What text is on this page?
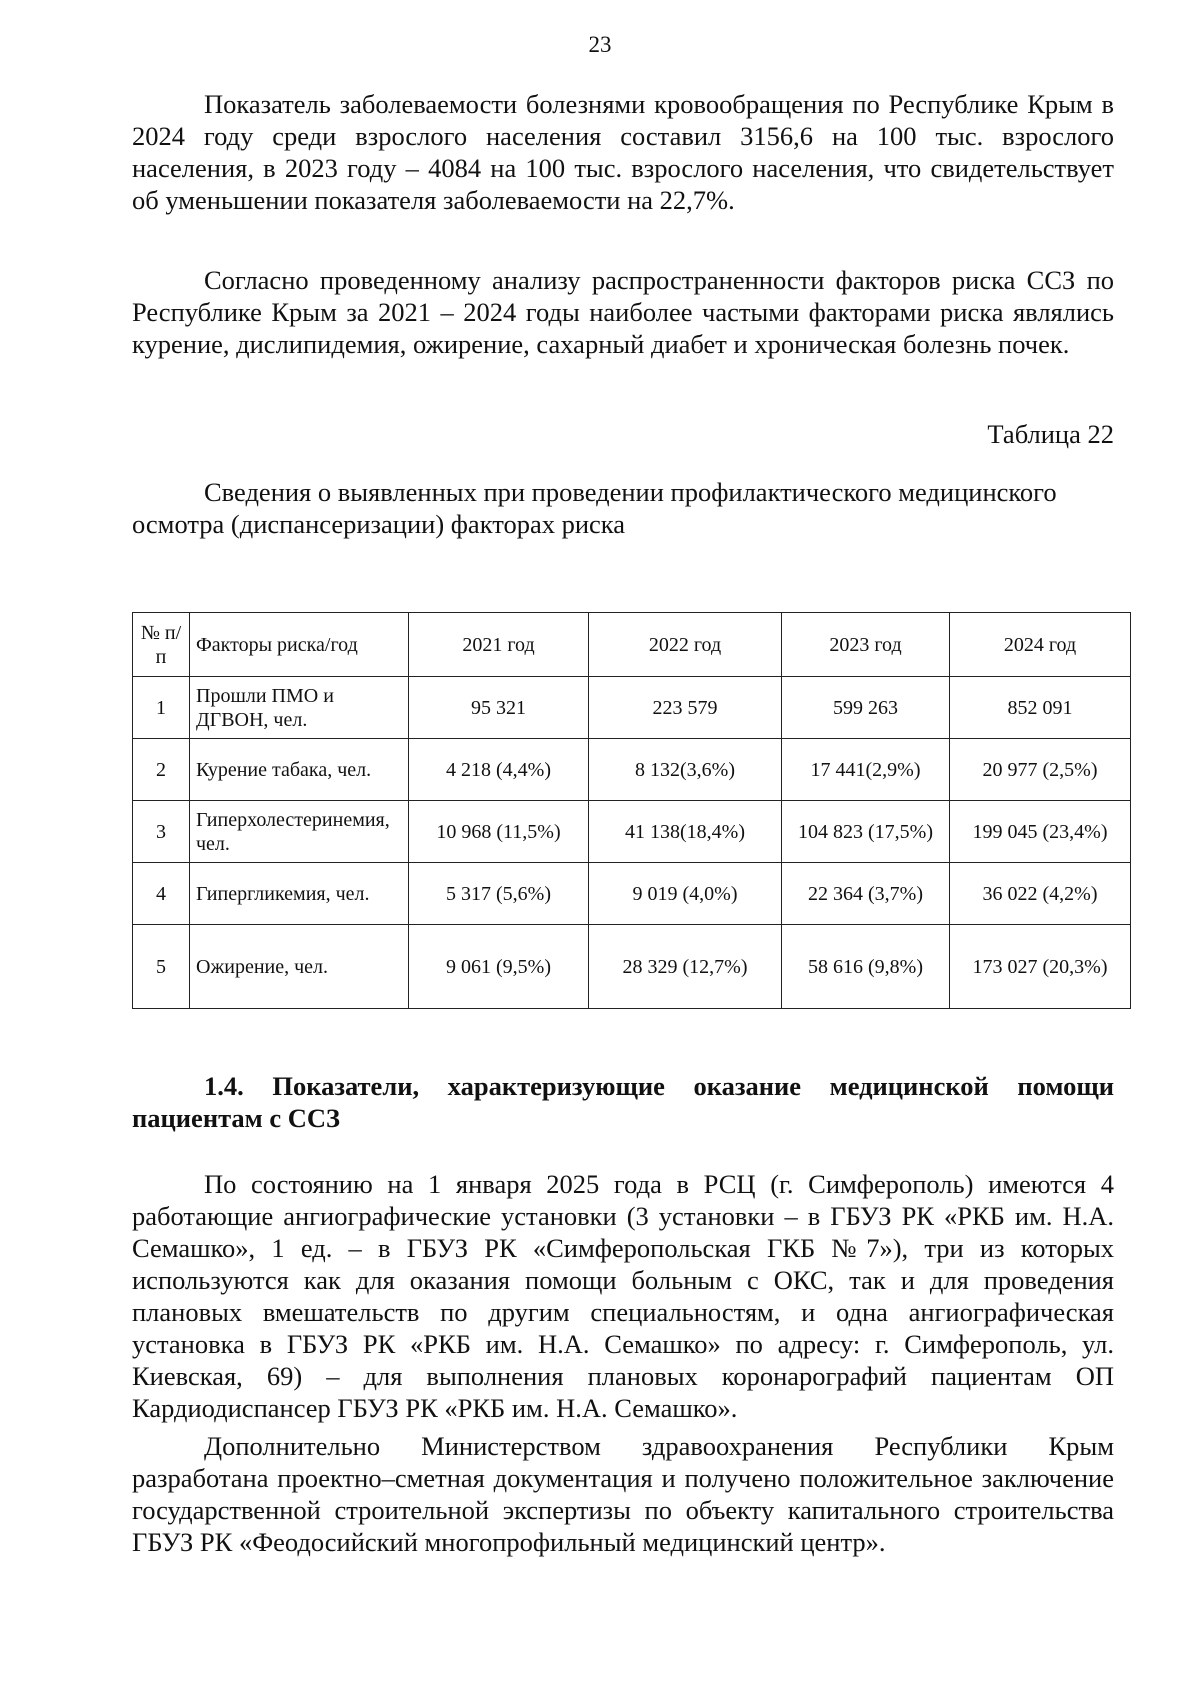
23

Показатель заболеваемости болезнями кровообращения по Республике Крым в 2024 году среди взрослого населения составил 3156,6 на 100 тыс. взрослого населения, в 2023 году – 4084 на 100 тыс. взрослого населения, что свидетельствует об уменьшении показателя заболеваемости на 22,7%.

Согласно проведенному анализу распространенности факторов риска ССЗ по Республике Крым за 2021 – 2024 годы наиболее частыми факторами риска являлись курение, дислипидемия, ожирение, сахарный диабет и хроническая болезнь почек.

Таблица 22

Сведения о выявленных при проведении профилактического медицинского осмотра (диспансеризации) факторах риска

№ п/п	Факторы риска/год	2021 год	2022 год	2023 год	2024 год
1	Прошли ПМО и ДГВОН, чел.	95 321	223 579	599 263	852 091
2	Курение табака, чел.	4 218 (4,4%)	8 132(3,6%)	17 441(2,9%)	20 977 (2,5%)
3	Гиперхолестеринемия, чел.	10 968 (11,5%)	41 138(18,4%)	104 823 (17,5%)	199 045 (23,4%)
4	Гипергликемия, чел.	5 317 (5,6%)	9 019 (4,0%)	22 364 (3,7%)	36 022 (4,2%)
5	Ожирение, чел.	9 061 (9,5%)	28 329 (12,7%)	58 616 (9,8%)	173 027 (20,3%)

1.4. Показатели, характеризующие оказание медицинской помощи пациентам с ССЗ

По состоянию на 1 января 2025 года в РСЦ (г. Симферополь) имеются 4 работающие ангиографические установки (3 установки – в ГБУЗ РК «РКБ им. Н.А. Семашко», 1 ед. – в ГБУЗ РК «Симферопольская ГКБ №7»), три из которых используются как для оказания помощи больным с ОКС, так и для проведения плановых вмешательств по другим специальностям, и одна ангиографическая установка в ГБУЗ РК «РКБ им. Н.А. Семашко» по адресу: г. Симферополь, ул. Киевская, 69) – для выполнения плановых коронарографий пациентам ОП Кардиодиспансер ГБУЗ РК «РКБ им. Н.А. Семашко».

Дополнительно Министерством здравоохранения Республики Крым разработана проектно–сметная документация и получено положительное заключение государственной строительной экспертизы по объекту капитального строительства ГБУЗ РК «Феодосийский многопрофильный медицинский центр».
